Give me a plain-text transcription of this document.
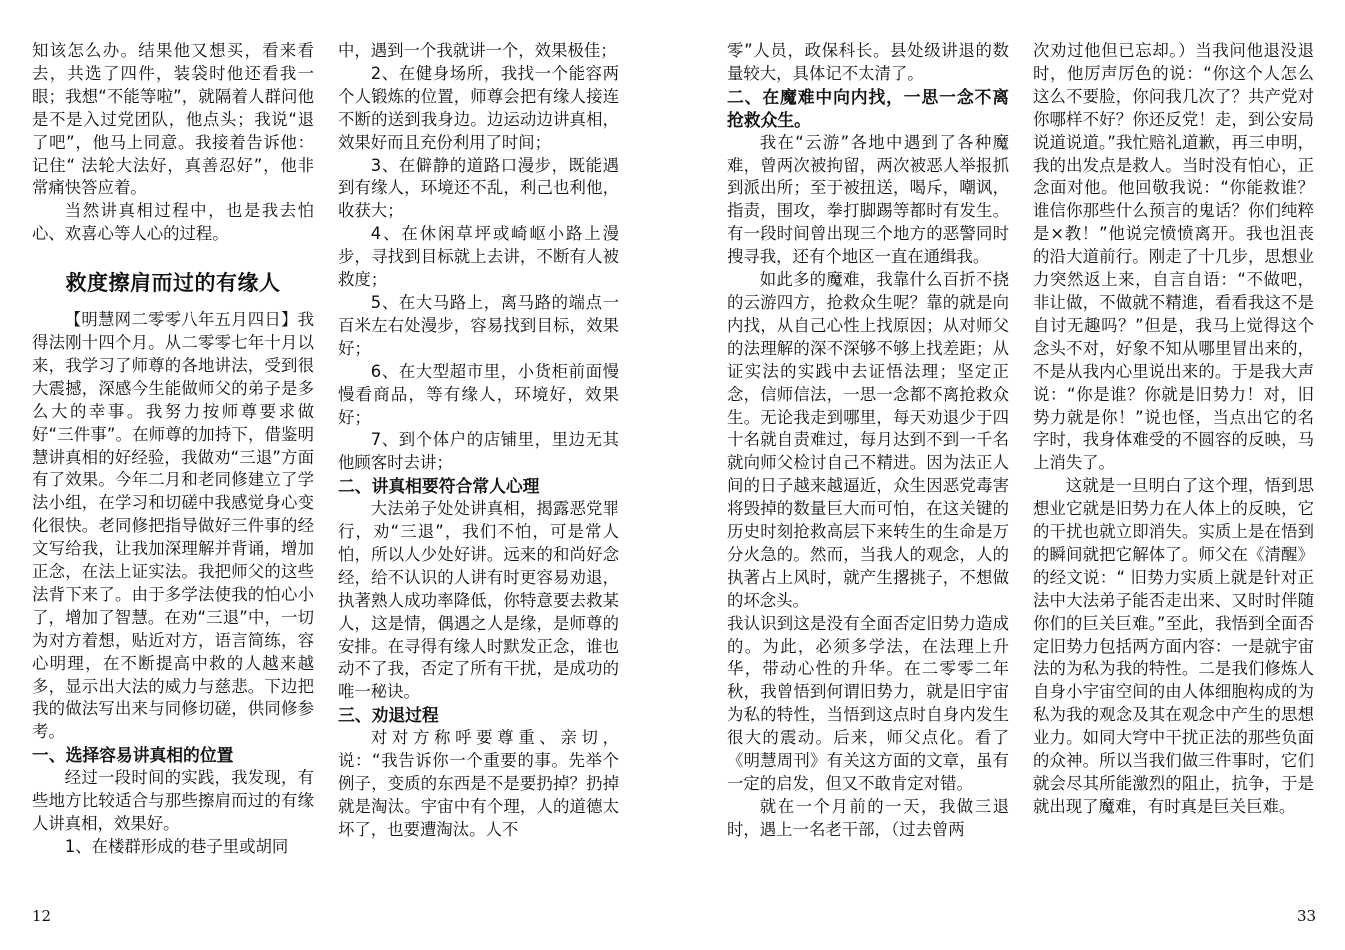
知该怎么办。结果他又想买，看来看去，共选了四件，装袋时他还看我一眼；我想“不能等啦”，就隔着人群问他是不是入过党团队，他点头；我说“退了吧”，他马上同意。我接着告诉他：记住“ 法轮大法好，真善忍好”，他非常痛快答应着。

当然讲真相过程中，也是我去怕心、欢喜心等人心的过程。

救度擦肩而过的有缘人

【明慧网二零零八年五月四日】我得法刚十四个月。从二零零七年十月以来，我学习了师尊的各地讲法，受到很大震撼，深感今生能做师父的弟子是多么大的幸事。我努力按师尊要求做好“三件事”。在师尊的加持下，借鉴明慧讲真相的好经验，我做劝“三退”方面有了效果。今年二月和老同修建立了学法小组，在学习和切磋中我感觉身心变化很快。老同修把指导做好三件事的经文写给我，让我加深理解并背诵，增加正念，在法上证实法。我把师父的这些法背下来了。由于多学法使我的怕心小了，增加了智慧。在劝“三退”中，一切为对方着想，贴近对方，语言简练，容心明理，在不断提高中救的人越来越多，显示出大法的威力与慈悲。下边把我的做法写出来与同修切磋，供同修参考。

一、选择容易讲真相的位置

经过一段时间的实践，我发现，有些地方比较适合与那些擦肩而过的有缘人讲真相，效果好。

1、在楼群形成的巷子里或胡同

中，遇到一个我就讲一个，效果极佳；

2、在健身场所，我找一个能容两个人锻炼的位置，师尊会把有缘人接连不断的送到我身边。边运动边讲真相，效果好而且充份利用了时间；

3、在僻静的道路口漫步，既能遇到有缘人，环境还不乱，利己也利他，收获大；

4、在休闲草坪或崎岖小路上漫步，寻找到目标就上去讲，不断有人被救度；

5、在大马路上，离马路的端点一百米左右处漫步，容易找到目标，效果好；

6、在大型超市里，小货柜前面慢慢看商品，等有缘人，环境好，效果好；

7、到个体户的店铺里，里边无其他顾客时去讲；

二、讲真相要符合常人心理

大法弟子处处讲真相，揭露恶党罪行，劝“三退”，我们不怕，可是常人怕，所以人少处好讲。远来的和尚好念经，给不认识的人讲有时更容易劝退，执著熟人成功率降低，你特意要去救某人，这是情，偶遇之人是缘，是师尊的安排。在寻得有缘人时默发正念，谁也动不了我，否定了所有干扰，是成功的唯一秘诀。

三、劝退过程

对对方称呼要尊重、亲切，说：“我告诉你一个重要的事。先举个例子，变质的东西是不是要扔掉？扔掉就是淘汰。宇宙中有个理，人的道德太坏了，也要遭淘汰。人不

零”人员，政保科长。县处级讲退的数量较大，具体记不太清了。

二、在魔难中向内找，一思一念不离抢救众生。

我在“云游”各地中遇到了各种魔难，曾两次被拘留，两次被恶人举报抓到派出所；至于被扭送，喝斥，嘲讽，指责，围攻，拳打脚踢等都时有发生。有一段时间曾出现三个地方的恶警同时搜寻我，还有个地区一直在通缉我。

如此多的魔难，我靠什么百折不挠的云游四方，抢救众生呢？靠的就是向内找，从自己心性上找原因；从对师父的法理解的深不深够不够上找差距；从证实法的实践中去证悟法理；坚定正念，信师信法，一思一念都不离抢救众生。无论我走到哪里，每天劝退少于四十名就自责难过，每月达到不到一千名就向师父检讨自己不精进。因为法正人间的日子越来越逼近，众生因恶党毒害将毁掉的数量巨大而可怕，在这关键的历史时刻抢救高层下来转生的生命是万分火急的。然而，当我人的观念，人的执著占上风时，就产生撂挑子，不想做的坏念头。

我认识到这是没有全面否定旧势力造成的。为此，必须多学法，在法理上升华，带动心性的升华。在二零零二年秋，我曾悟到何谓旧势力，就是旧宇宙为私的特性，当悟到这点时自身内发生很大的震动。后来，师父点化。看了《明慧周刊》有关这方面的文章，虽有一定的启发，但又不敢肯定对错。

就在一个月前的一天，我做三退时，遇上一名老干部，（过去曾两

次劝过他但已忘却。）当我问他退没退时，他厉声厉色的说：“你这个人怎么这么不要脸，你问我几次了？共产党对你哪样不好？你还反党！走，到公安局说道说道。”我忙赔礼道歉，再三申明，我的出发点是救人。当时没有怕心，正念面对他。他回敬我说：“你能救谁？谁信你那些什么预言的鬼话？你们纯粹是×教！”他说完愤愤离开。我也沮丧的沿大道前行。刚走了十几步，思想业力突然返上来，自言自语：“不做吧，非让做，不做就不精進，看看我这不是自讨无趣吗？”但是，我马上觉得这个念头不对，好象不知从哪里冒出来的，不是从我内心里说出来的。于是我大声说：“你是谁？你就是旧势力！对，旧势力就是你！”说也怪，当点出它的名字时，我身体难受的不圆容的反映，马上消失了。

这就是一旦明白了这个理，悟到思想业它就是旧势力在人体上的反映，它的干扰也就立即消失。实质上是在悟到的瞬间就把它解体了。师父在《清醒》的经文说：“ 旧势力实质上就是针对正法中大法弟子能否走出来、又时时伴随你们的巨关巨难。”至此，我悟到全面否定旧势力包括两方面内容：一是就宇宙法的为私为我的特性。二是我们修炼人自身小宇宙空间的由人体细胞构成的为私为我的观念及其在观念中产生的思想业力。如同大穹中干扰正法的那些负面的众神。所以当我们做三件事时，它们就会尽其所能激烈的阻止，抗争，于是就出现了魔难，有时真是巨关巨难。

12	33
